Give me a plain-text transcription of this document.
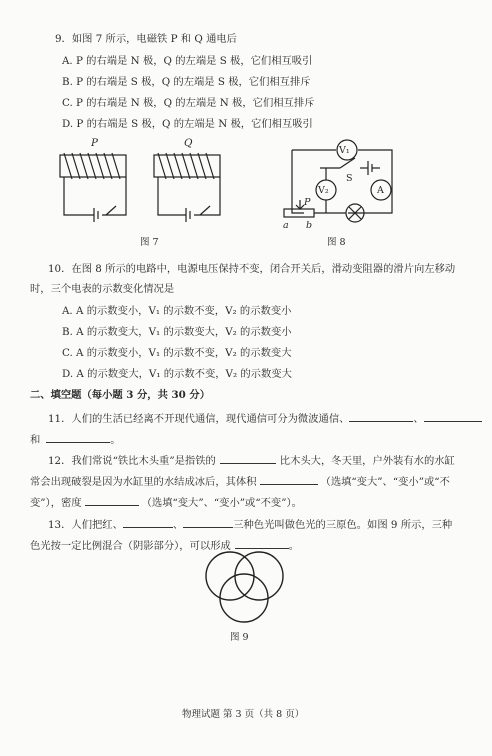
9．如图 7 所示，电磁铁 P 和 Q 通电后
A. P 的右端是 N 极，Q 的左端是 S 极，它们相互吸引
B. P 的右端是 S 极，Q 的左端是 S 极，它们相互排斥
C. P 的右端是 N 极，Q 的左端是 N 极，它们相互排斥
D. P 的右端是 S 极，Q 的左端是 N 极，它们相互吸引
P	Q
图 7
V₁
V₂
S
A
P
a b
图 8
10．在图 8 所示的电路中，电源电压保持不变，闭合开关后，滑动变阻器的滑片向左移动
时，三个电表的示数变化情况是
A. A 的示数变小，V₁ 的示数不变，V₂ 的示数变小
B. A 的示数变大，V₁ 的示数变大，V₂ 的示数变小
C. A 的示数变小，V₁ 的示数不变，V₂ 的示数变大
D. A 的示数变大，V₁ 的示数不变，V₂ 的示数变大
二、填空题（每小题 3 分，共 30 分）
11．人们的生活已经离不开现代通信，现代通信可分为微波通信、	、
和	。
12．我们常说“铁比木头重”是指铁的	比木头大，冬天里，户外装有水的水缸
常会出现破裂是因为水缸里的水结成冰后，其体积	（选填“变大”、“变小”或“不
变”），密度	（选填“变大”、“变小”或“不变”）。
13．人们把红、	、	三种色光叫做色光的三原色。如图 9 所示，三种
色光按一定比例混合（阴影部分），可以形成	。
图 9
物理试题 第 3 页（共 8 页）
